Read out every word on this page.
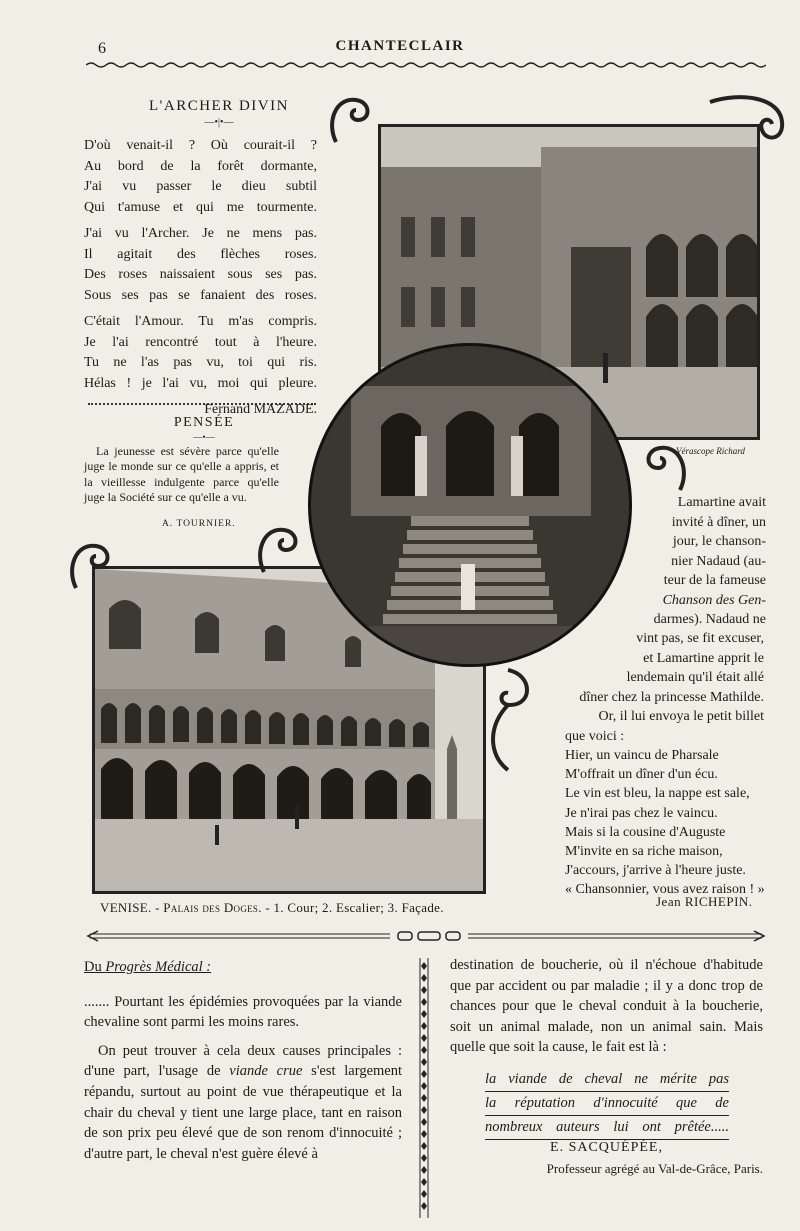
6	CHANTECLAIR
L'ARCHER DIVIN
—•|•—
D'où venait-il ? Où courait-il ?
Au bord de la forêt dormante,
J'ai vu passer le dieu subtil
Qui t'amuse et qui me tourmente.
J'ai vu l'Archer. Je ne mens pas.
Il agitait des flèches roses.
Des roses naissaient sous ses pas.
Sous ses pas se fanaient des roses.
C'était l'Amour. Tu m'as compris.
Je l'ai rencontré tout à l'heure.
Tu ne l'as pas vu, toi qui ris.
Hélas ! je l'ai vu, moi qui pleure.
Fernand MAZADE.
PENSÉE
—•—
La jeunesse est sévère parce qu'elle juge le monde sur ce qu'elle a appris, et la vieillesse indulgente parce qu'elle juge la Société sur ce qu'elle a vu.
A. TOURNIER.
Vérascope Richard
Lamartine avait
invité à dîner, un
jour, le chanson-
nier Nadaud (au-
teur de la fameuse
Chanson des Gen-
darmes). Nadaud ne
vint pas, se fit excuser,
et Lamartine apprit le
lendemain qu'il était allé
dîner chez la princesse Mathilde.
Or, il lui envoya le petit billet
que voici :
Hier, un vaincu de Pharsale
M'offrait un dîner d'un écu.
Le vin est bleu, la nappe est sale,
Je n'irai pas chez le vaincu.
Mais si la cousine d'Auguste
M'invite en sa riche maison,
J'accours, j'arrive à l'heure juste.
« Chansonnier, vous avez raison ! »
Jean RICHEPIN.
VENISE. - Palais des Doges. - 1. Cour; 2. Escalier; 3. Façade.
Du Progrès Médical :

....... Pourtant les épidémies provoquées par la viande chevaline sont parmi les moins rares.

On peut trouver à cela deux causes principales : d'une part, l'usage de viande crue s'est largement répandu, surtout au point de vue thérapeutique et la chair du cheval y tient une large place, tant en raison de son prix peu élevé que de son renom d'innocuité ; d'autre part, le cheval n'est guère élevé à

destination de boucherie, où il n'échoue d'habitude que par accident ou par maladie ; il y a donc trop de chances pour que le cheval conduit à la boucherie, soit un animal malade, non un animal sain. Mais quelle que soit la cause, le fait est là :

la viande de cheval ne mérite pas
la réputation d'innocuité que de
nombreux auteurs lui ont prêtée.....
E. SACQUÉPÉE,
Professeur agrégé au Val-de-Grâce, Paris.
